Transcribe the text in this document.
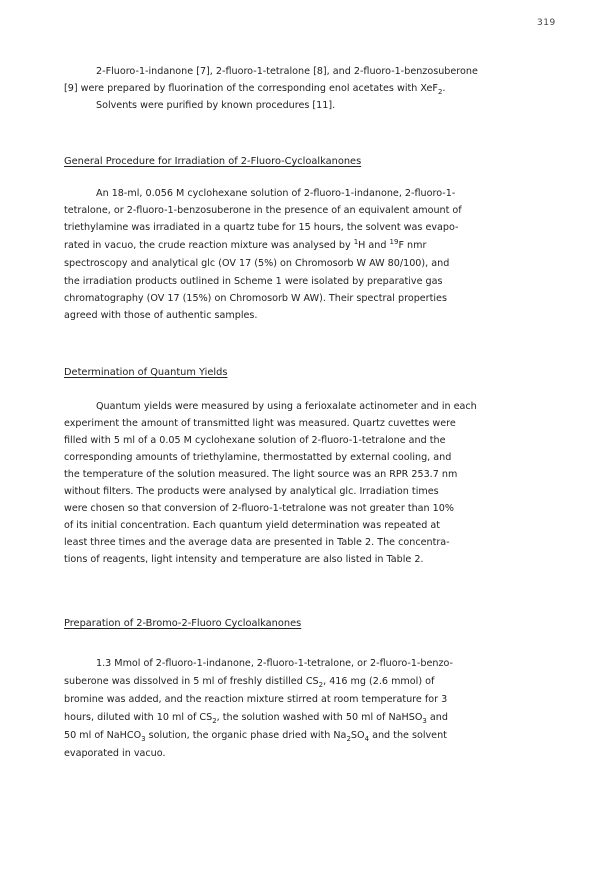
319
2-Fluoro-1-indanone [7], 2-fluoro-1-tetralone [8], and 2-fluoro-1-benzosuberone
[9] were prepared by fluorination of the corresponding enol acetates with XeF$_2$.
Solvents were purified by known procedures [11].
General Procedure for Irradiation of 2-Fluoro-Cycloalkanones
An 18-ml, 0.056 M cyclohexane solution of 2-fluoro-1-indanone, 2-fluoro-1-
tetralone, or 2-fluoro-1-benzosuberone in the presence of an equivalent amount of
triethylamine was irradiated in a quartz tube for 15 hours, the solvent was evapo-
rated in vacuo, the crude reaction mixture was analysed by $^1$H and $^{19}$F nmr
spectroscopy and analytical glc (OV 17 (5%) on Chromosorb W AW 80/100), and
the irradiation products outlined in Scheme 1 were isolated by preparative gas
chromatography (OV 17 (15%) on Chromosorb W AW). Their spectral properties
agreed with those of authentic samples.
Determination of Quantum Yields
Quantum yields were measured by using a ferioxalate actinometer and in each
experiment the amount of transmitted light was measured. Quartz cuvettes were
filled with 5 ml of a 0.05 M cyclohexane solution of 2-fluoro-1-tetralone and the
corresponding amounts of triethylamine, thermostatted by external cooling, and
the temperature of the solution measured. The light source was an RPR 253.7 nm
without filters. The products were analysed by analytical glc. Irradiation times
were chosen so that conversion of 2-fluoro-1-tetralone was not greater than 10%
of its initial concentration. Each quantum yield determination was repeated at
least three times and the average data are presented in Table 2. The concentra-
tions of reagents, light intensity and temperature are also listed in Table 2.
Preparation of 2-Bromo-2-Fluoro Cycloalkanones
1.3 Mmol of 2-fluoro-1-indanone, 2-fluoro-1-tetralone, or 2-fluoro-1-benzo-
suberone was dissolved in 5 ml of freshly distilled $CS_2$, 416 mg (2.6 mmol) of
bromine was added, and the reaction mixture stirred at room temperature for 3
hours, diluted with 10 ml of $CS_2$, the solution washed with 50 ml of NaHSO$_3$ and
50 ml of NaHCO$_3$ solution, the organic phase dried with $Na_2SO_4$ and the solvent
evaporated in vacuo.
